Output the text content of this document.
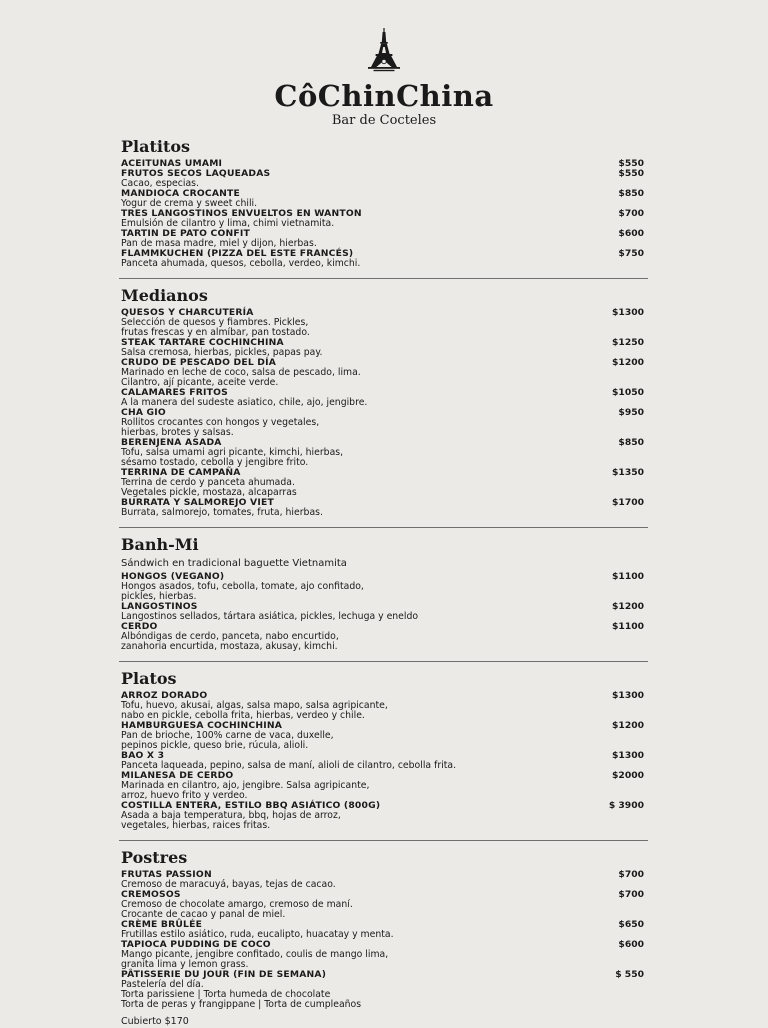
CôChinChina
Bar de Cocteles
Platitos
ACEITUNAS UMAMI	$550
FRUTOS SECOS LAQUEADAS	$550
Cacao, especias.
MANDIOCA CROCANTE	$850
Yogur de crema y sweet chili.
TRES LANGOSTINOS ENVUELTOS EN WANTON	$700
Emulsión de cilantro y lima, chimi vietnamita.
TARTIN DE PATO CONFIT	$600
Pan de masa madre, miel y dijon, hierbas.
FLAMMKUCHEN (PIZZA DEL ESTE FRANCÉS)	$750
Panceta ahumada, quesos, cebolla, verdeo, kimchi.
Medianos
QUESOS Y CHARCUTERÍA	$1300
Selección de quesos y fiambres. Pickles,
frutas frescas y en almíbar, pan tostado.
STEAK TARTARE COCHINCHINA	$1250
Salsa cremosa, hierbas, pickles, papas pay.
CRUDO DE PESCADO DEL DÍA	$1200
Marinado en leche de coco, salsa de pescado, lima.
Cilantro, ají picante, aceite verde.
CALAMARES FRITOS	$1050
A la manera del sudeste asiatico, chile, ajo, jengibre.
CHA GIO	$950
Rollitos crocantes con hongos y vegetales,
hierbas, brotes y salsas.
BERENJENA ASADA	$850
Tofu, salsa umami agri picante, kimchi, hierbas,
sésamo tostado, cebolla y jengibre frito.
TERRINA DE CAMPAÑA	$1350
Terrina de cerdo y panceta ahumada.
Vegetales pickle, mostaza, alcaparras
BURRATA Y SALMOREJO VIET	$1700
Burrata, salmorejo, tomates, fruta, hierbas.
Banh-Mi
Sándwich en tradicional baguette Vietnamita
HONGOS (VEGANO)	$1100
Hongos asados, tofu, cebolla, tomate, ajo confitado,
pickles, hierbas.
LANGOSTINOS	$1200
Langostinos sellados, tártara asiática, pickles, lechuga y eneldo
CERDO	$1100
Albóndigas de cerdo, panceta, nabo encurtido,
zanahoria encurtida, mostaza, akusay, kimchi.
Platos
ARROZ DORADO	$1300
Tofu, huevo, akusai, algas, salsa mapo, salsa agripicante,
nabo en pickle, cebolla frita, hierbas, verdeo y chile.
HAMBURGUESA COCHINCHINA	$1200
Pan de brioche, 100% carne de vaca, duxelle,
pepinos pickle, queso brie, rúcula, alioli.
BAO X 3	$1300
Panceta laqueada, pepino, salsa de maní, alioli de cilantro, cebolla frita.
MILANESA DE CERDO	$2000
Marinada en cilantro, ajo, jengibre. Salsa agripicante,
arroz, huevo frito y verdeo.
COSTILLA ENTERA, ESTILO BBQ ASIÁTICO (800G)	$ 3900
Asada a baja temperatura, bbq, hojas de arroz,
vegetales, hierbas, raices fritas.
Postres
FRUTAS PASSION	$700
Cremoso de maracuyá, bayas, tejas de cacao.
CREMOSOS	$700
Cremoso de chocolate amargo, cremoso de maní.
Crocante de cacao y panal de miel.
CRÈME BRÛLÉE	$650
Frutillas estilo asiático, ruda, eucalipto, huacatay y menta.
TAPIOCA PUDDING DE COCO	$600
Mango picante, jengibre confitado, coulis de mango lima,
granita lima y lemon grass.
PÂTISSERIE DU JOUR (FIN DE SEMANA)	$ 550
Pastelería del día.
Torta parissiene | Torta humeda de chocolate
Torta de peras y frangippane | Torta de cumpleaños
Cubierto $170
